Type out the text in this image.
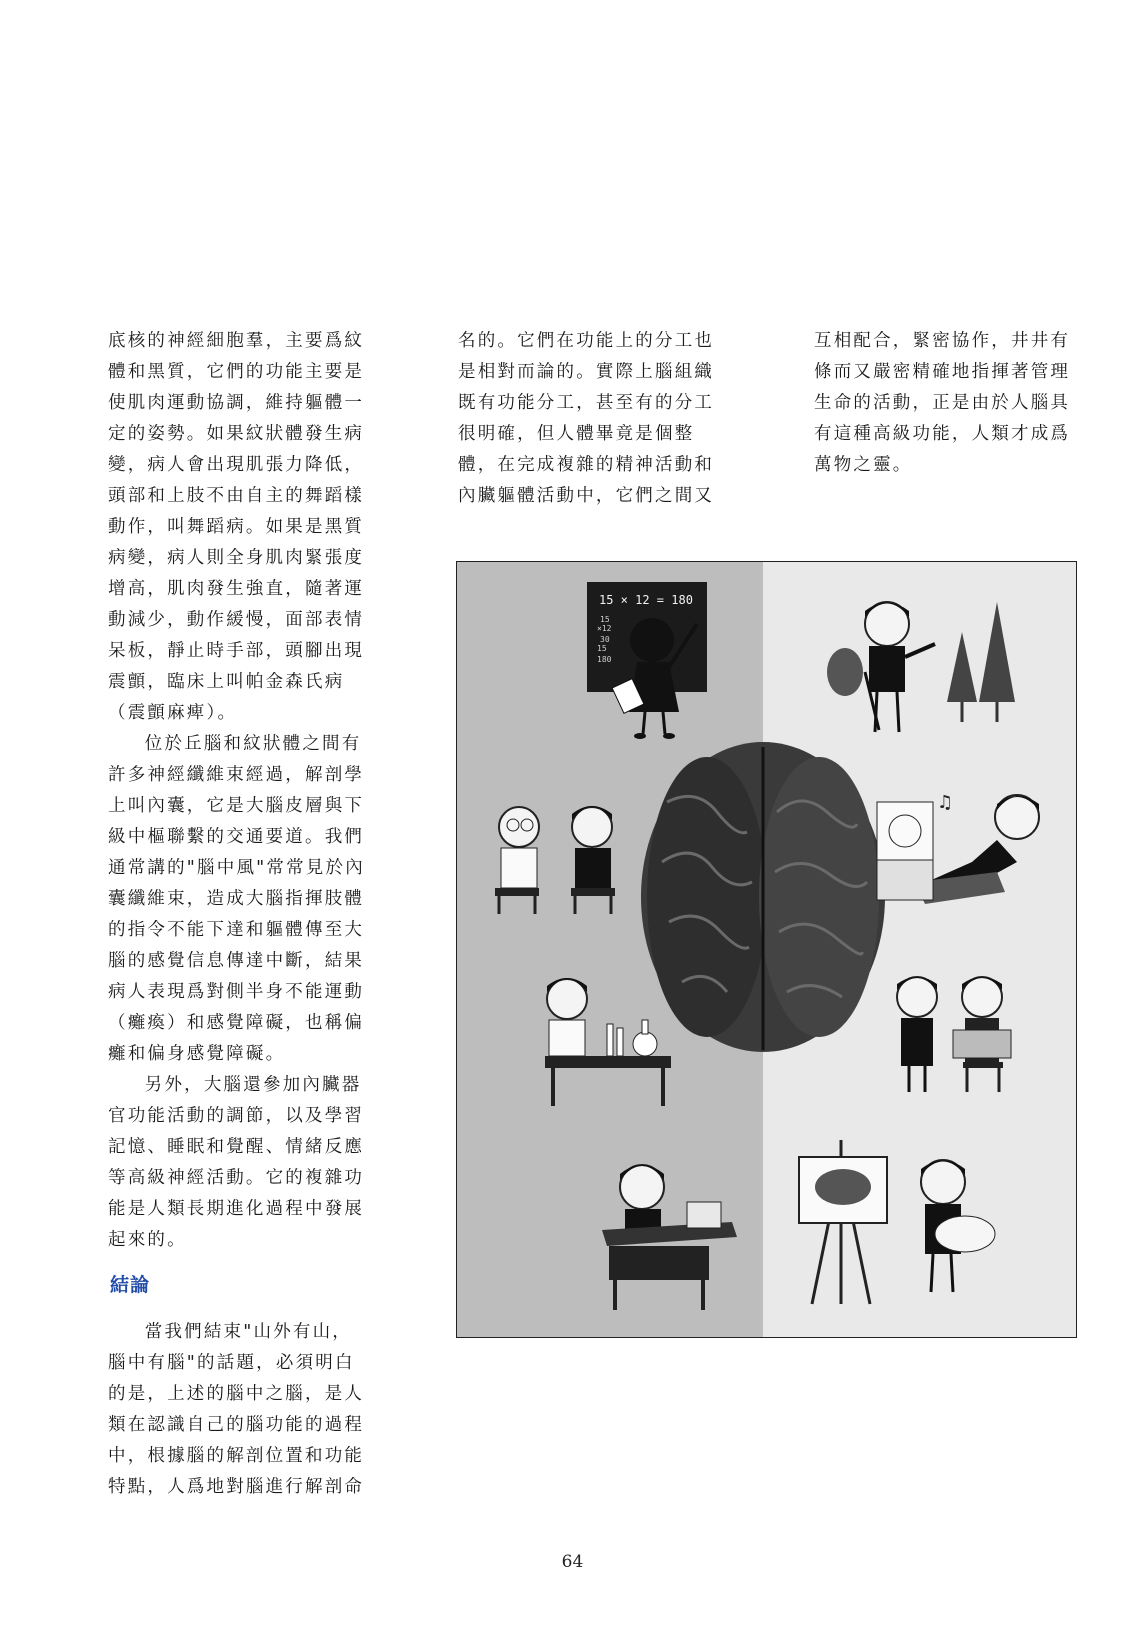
底核的神經細胞羣，主要爲紋

體和黑質，它們的功能主要是

使肌肉運動協調，維持軀體一

定的姿勢。如果紋狀體發生病

變，病人會出現肌張力降低，

頭部和上肢不由自主的舞蹈樣

動作，叫舞蹈病。如果是黑質

病變，病人則全身肌肉緊張度

增高，肌肉發生強直，隨著運

動減少，動作緩慢，面部表情

呆板，靜止時手部，頭腳出現

震顫，臨床上叫帕金森氏病

（震顫麻痺）。

位於丘腦和紋狀體之間有

許多神經纖維束經過，解剖學

上叫內囊，它是大腦皮層與下

級中樞聯繫的交通要道。我們

通常講的"腦中風"常常見於內

囊纖維束，造成大腦指揮肢體

的指令不能下達和軀體傳至大

腦的感覺信息傳達中斷，結果

病人表現爲對側半身不能運動

（癱瘓）和感覺障礙，也稱偏

癱和偏身感覺障礙。

另外，大腦還參加內臟器

官功能活動的調節，以及學習

記憶、睡眠和覺醒、情緒反應

等高級神經活動。它的複雜功

能是人類長期進化過程中發展

起來的。

結論

當我們結束"山外有山，

腦中有腦"的話題，必須明白

的是，上述的腦中之腦，是人

類在認識自己的腦功能的過程

中，根據腦的解剖位置和功能

特點，人爲地對腦進行解剖命

名的。它們在功能上的分工也

是相對而論的。實際上腦組織

既有功能分工，甚至有的分工

很明確，但人體畢竟是個整

體，在完成複雜的精神活動和

內臟軀體活動中，它們之間又

互相配合，緊密協作，井井有

條而又嚴密精確地指揮著管理

生命的活動，正是由於人腦具

有這種高級功能，人類才成爲

萬物之靈。

15 × 12 = 180
15
×12
30
15
180
♫
64
